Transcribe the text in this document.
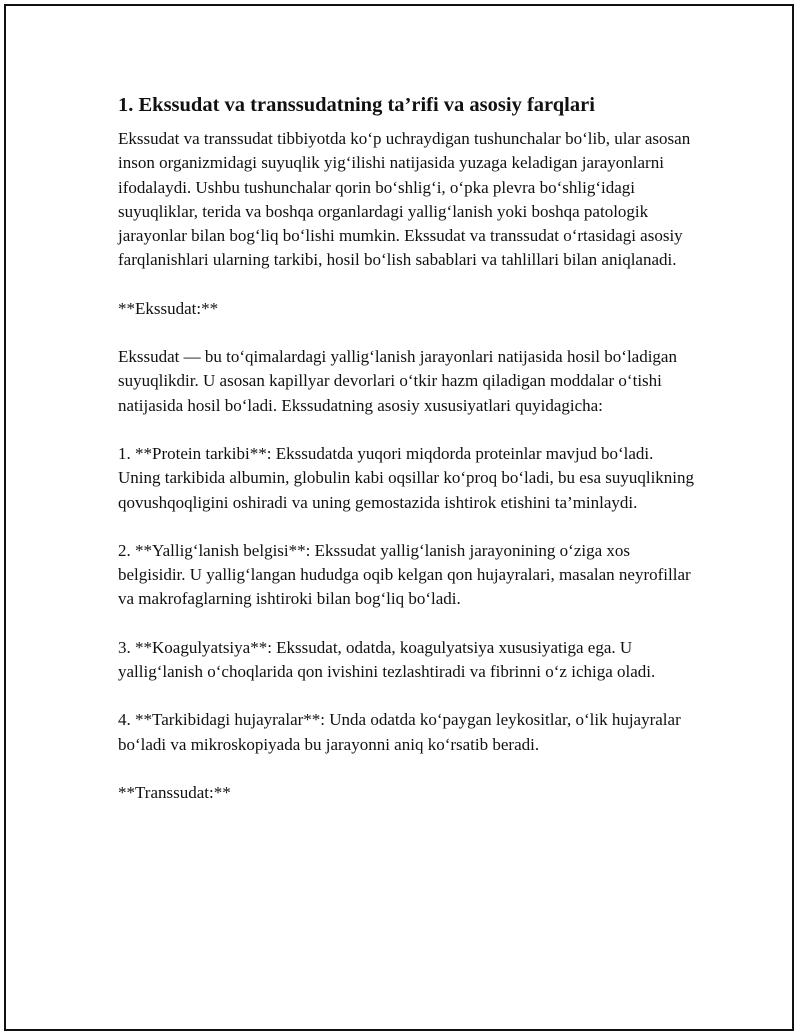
1. Ekssudat va transsudatning ta’rifi va asosiy farqlari

Ekssudat va transsudat tibbiyotda koʻp uchraydigan tushunchalar boʻlib, ular asosan inson organizmidagi suyuqlik yigʻilishi natijasida yuzaga keladigan jarayonlarni ifodalaydi. Ushbu tushunchalar qorin boʻshligʻi, oʻpka plevra boʻshligʻidagi suyuqliklar, terida va boshqa organlardagi yalligʻlanish yoki boshqa patologik jarayonlar bilan bogʻliq boʻlishi mumkin. Ekssudat va transsudat oʻrtasidagi asosiy farqlanishlari ularning tarkibi, hosil boʻlish sabablari va tahlillari bilan aniqlanadi.

**Ekssudat:**

Ekssudat — bu toʻqimalardagi yalligʻlanish jarayonlari natijasida hosil boʻladigan suyuqlikdir. U asosan kapillyar devorlari oʻtkir hazm qiladigan moddalar oʻtishi natijasida hosil boʻladi. Ekssudatning asosiy xususiyatlari quyidagicha:

1. **Protein tarkibi**: Ekssudatda yuqori miqdorda proteinlar mavjud boʻladi. Uning tarkibida albumin, globulin kabi oqsillar koʻproq boʻladi, bu esa suyuqlikning qovushqoqligini oshiradi va uning gemostazida ishtirok etishini ta’minlaydi.

2. **Yalligʻlanish belgisi**: Ekssudat yalligʻlanish jarayonining oʻziga xos belgisidir. U yalligʻlangan hududga oqib kelgan qon hujayralari, masalan neyrofillar va makrofaglarning ishtiroki bilan bogʻliq boʻladi.

3. **Koagulyatsiya**: Ekssudat, odatda, koagulyatsiya xususiyatiga ega. U yalligʻlanish oʻchoqlarida qon ivishini tezlashtiradi va fibrinni oʻz ichiga oladi.

4. **Tarkibidagi hujayralar**: Unda odatda koʻpaygan leykositlar, oʻlik hujayralar boʻladi va mikroskopiyada bu jarayonni aniq koʻrsatib beradi.

**Transsudat:**
